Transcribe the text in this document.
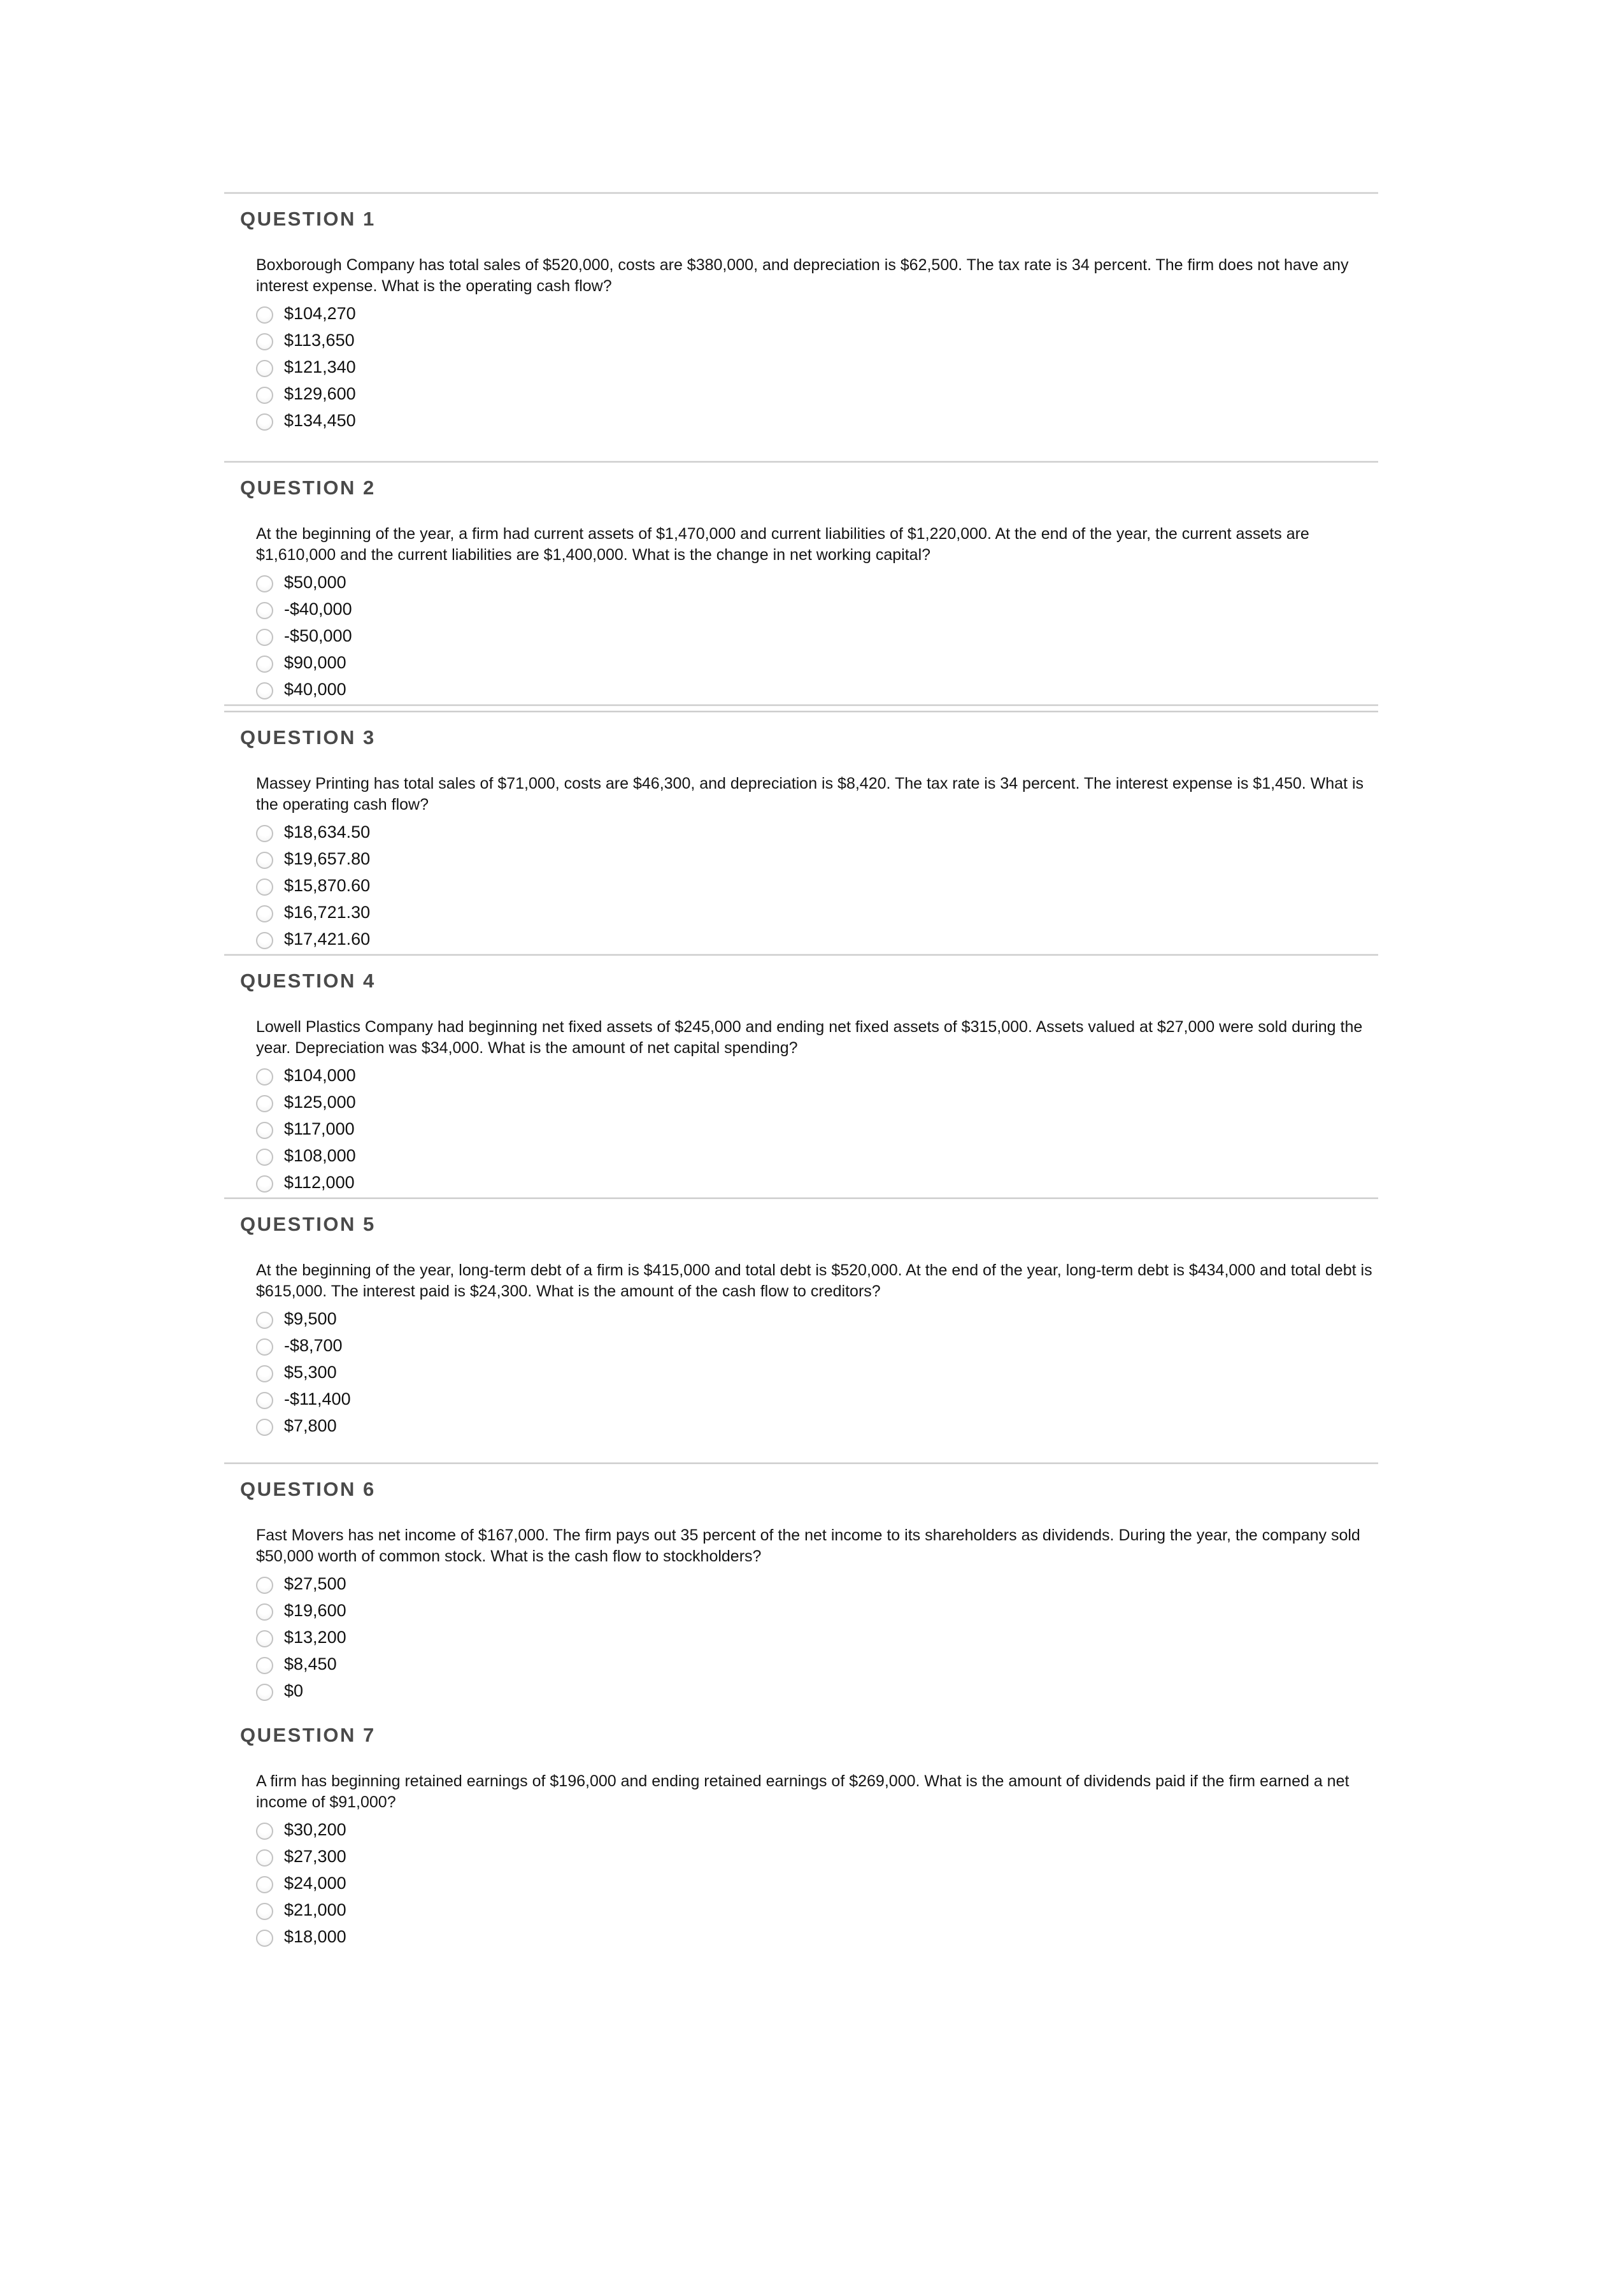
QUESTION 1

Boxborough Company has total sales of $520,000, costs are $380,000, and depreciation is $62,500. The tax rate is 34 percent. The firm does not have any interest expense. What is the operating cash flow?

$104,270
$113,650
$121,340
$129,600
$134,450
QUESTION 2

At the beginning of the year, a firm had current assets of $1,470,000 and current liabilities of $1,220,000. At the end of the year, the current assets are $1,610,000 and the current liabilities are $1,400,000. What is the change in net working capital?

$50,000
-$40,000
-$50,000
$90,000
$40,000
QUESTION 3

Massey Printing has total sales of $71,000, costs are $46,300, and depreciation is $8,420. The tax rate is 34 percent. The interest expense is $1,450. What is the operating cash flow?

$18,634.50
$19,657.80
$15,870.60
$16,721.30
$17,421.60
QUESTION 4

Lowell Plastics Company had beginning net fixed assets of $245,000 and ending net fixed assets of $315,000. Assets valued at $27,000 were sold during the year. Depreciation was $34,000. What is the amount of net capital spending?

$104,000
$125,000
$117,000
$108,000
$112,000
QUESTION 5

At the beginning of the year, long-term debt of a firm is $415,000 and total debt is $520,000. At the end of the year, long-term debt is $434,000 and total debt is $615,000. The interest paid is $24,300. What is the amount of the cash flow to creditors?

$9,500
-$8,700
$5,300
-$11,400
$7,800
QUESTION 6

Fast Movers has net income of $167,000. The firm pays out 35 percent of the net income to its shareholders as dividends. During the year, the company sold $50,000 worth of common stock. What is the cash flow to stockholders?

$27,500
$19,600
$13,200
$8,450
$0
QUESTION 7

A firm has beginning retained earnings of $196,000 and ending retained earnings of $269,000. What is the amount of dividends paid if the firm earned a net income of $91,000?

$30,200
$27,300
$24,000
$21,000
$18,000
